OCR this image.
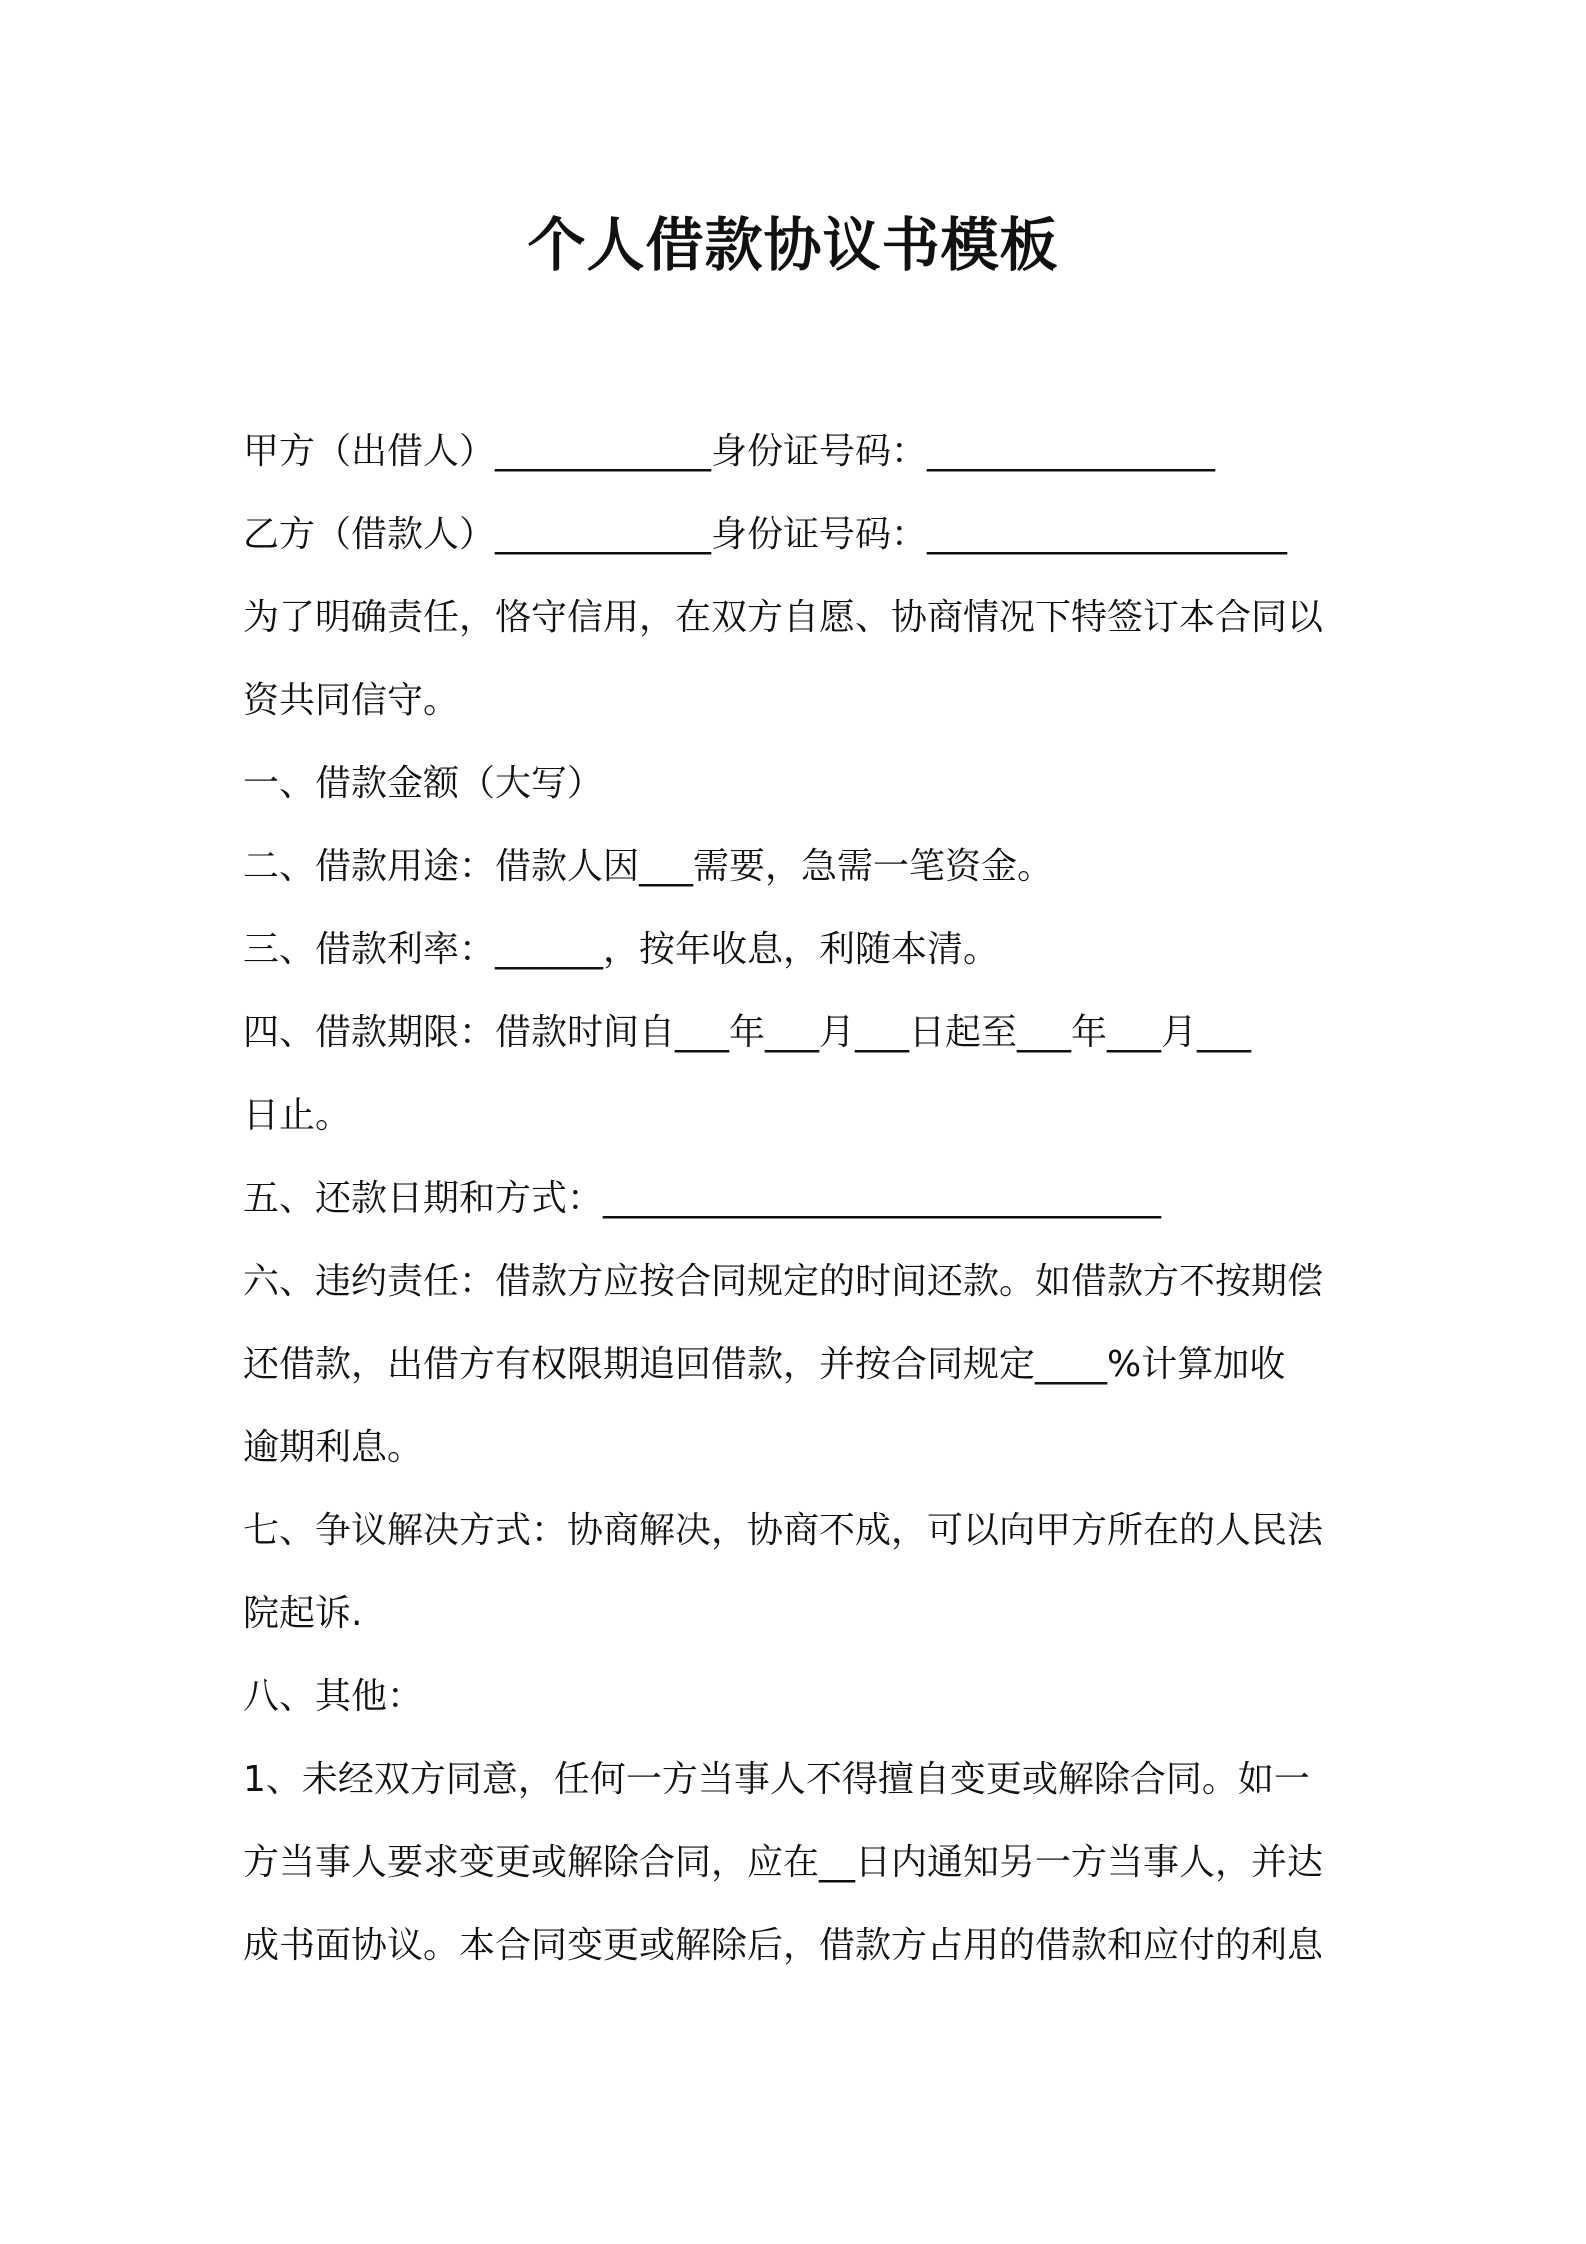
个人借款协议书模板

甲方（出借人）____________身份证号码：________________

乙方（借款人）____________身份证号码：____________________

为了明确责任，恪守信用，在双方自愿、协商情况下特签订本合同以

资共同信守。

一、借款金额（大写）

二、借款用途：借款人因___需要，急需一笔资金。

三、借款利率：______，按年收息，利随本清。

四、借款期限：借款时间自___年___月___日起至___年___月___

日止。

五、还款日期和方式：_______________________________

六、违约责任：借款方应按合同规定的时间还款。如借款方不按期偿

还借款，出借方有权限期追回借款，并按合同规定____%计算加收

逾期利息。

七、争议解决方式：协商解决，协商不成，可以向甲方所在的人民法

院起诉.

八、其他：

1、未经双方同意，任何一方当事人不得擅自变更或解除合同。如一

方当事人要求变更或解除合同，应在__日内通知另一方当事人，并达

成书面协议。本合同变更或解除后，借款方占用的借款和应付的利息
